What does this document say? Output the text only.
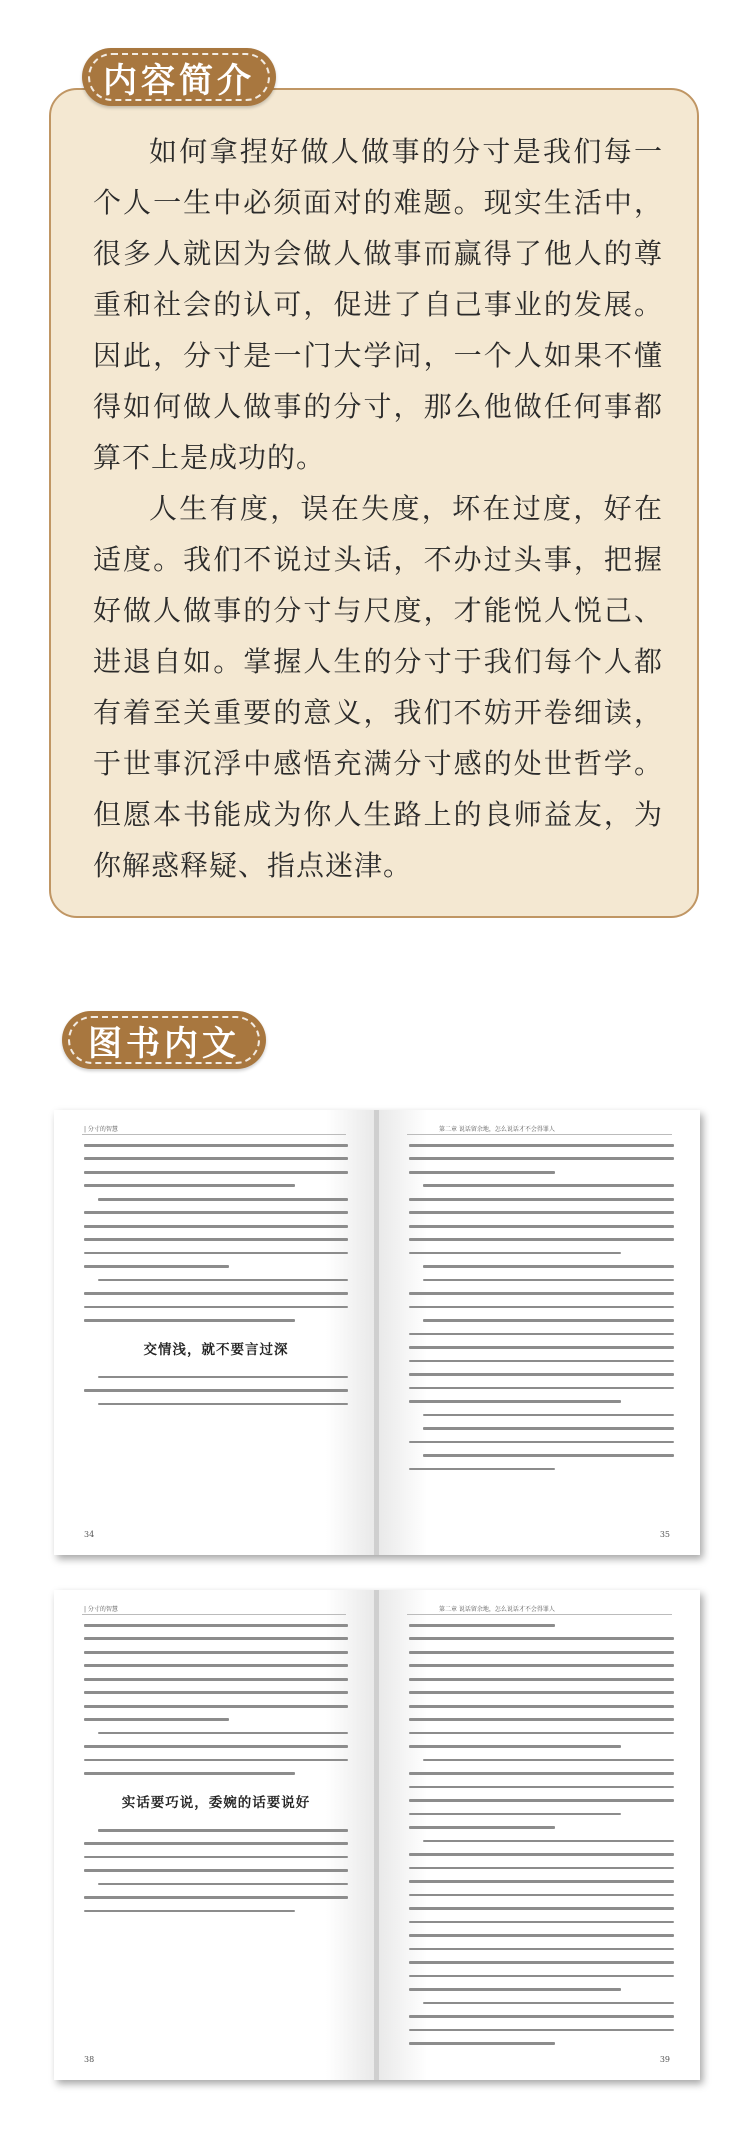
内容简介

如何拿捏好做人做事的分寸是我们每一个人一生中必须面对的难题。现实生活中，很多人就因为会做人做事而赢得了他人的尊重和社会的认可，促进了自己事业的发展。因此，分寸是一门大学问，一个人如果不懂得如何做人做事的分寸，那么他做任何事都算不上是成功的。

人生有度，误在失度，坏在过度，好在适度。我们不说过头话，不办过头事，把握好做人做事的分寸与尺度，才能悦人悦己、进退自如。掌握人生的分寸于我们每个人都有着至关重要的意义，我们不妨开卷细读，于世事沉浮中感悟充满分寸感的处世哲学。但愿本书能成为你人生路上的良师益友，为你解惑释疑、指点迷津。

图书内文
| 分寸的智慧
交情浅，就不要言过深
34
第二章 说话留余地，怎么说话才不会得罪人
35
| 分寸的智慧
实话要巧说，委婉的话要说好
38
第二章 说话留余地，怎么说话才不会得罪人
39
